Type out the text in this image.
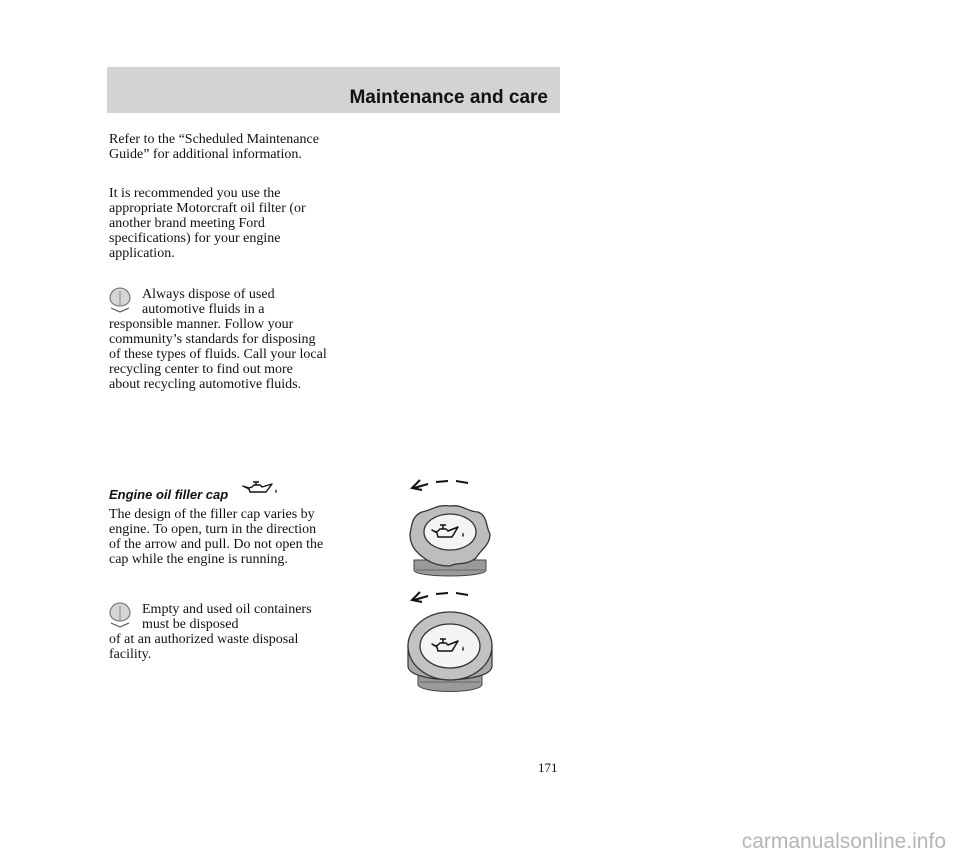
Maintenance and care

Refer to the “Scheduled Maintenance Guide” for additional information.

It is recommended you use the appropriate Motorcraft oil filter (or another brand meeting Ford specifications) for your engine application.

Always dispose of used automotive fluids in a
responsible manner. Follow your community’s standards for disposing of these types of fluids. Call your local recycling center to find out more about recycling automotive fluids.
Engine oil filler cap

The design of the filler cap varies by engine. To open, turn in the direction of the arrow and pull. Do not open the cap while the engine is running.

Empty and used oil containers must be disposed
of at an authorized waste disposal facility.
171
carmanualsonline.info
